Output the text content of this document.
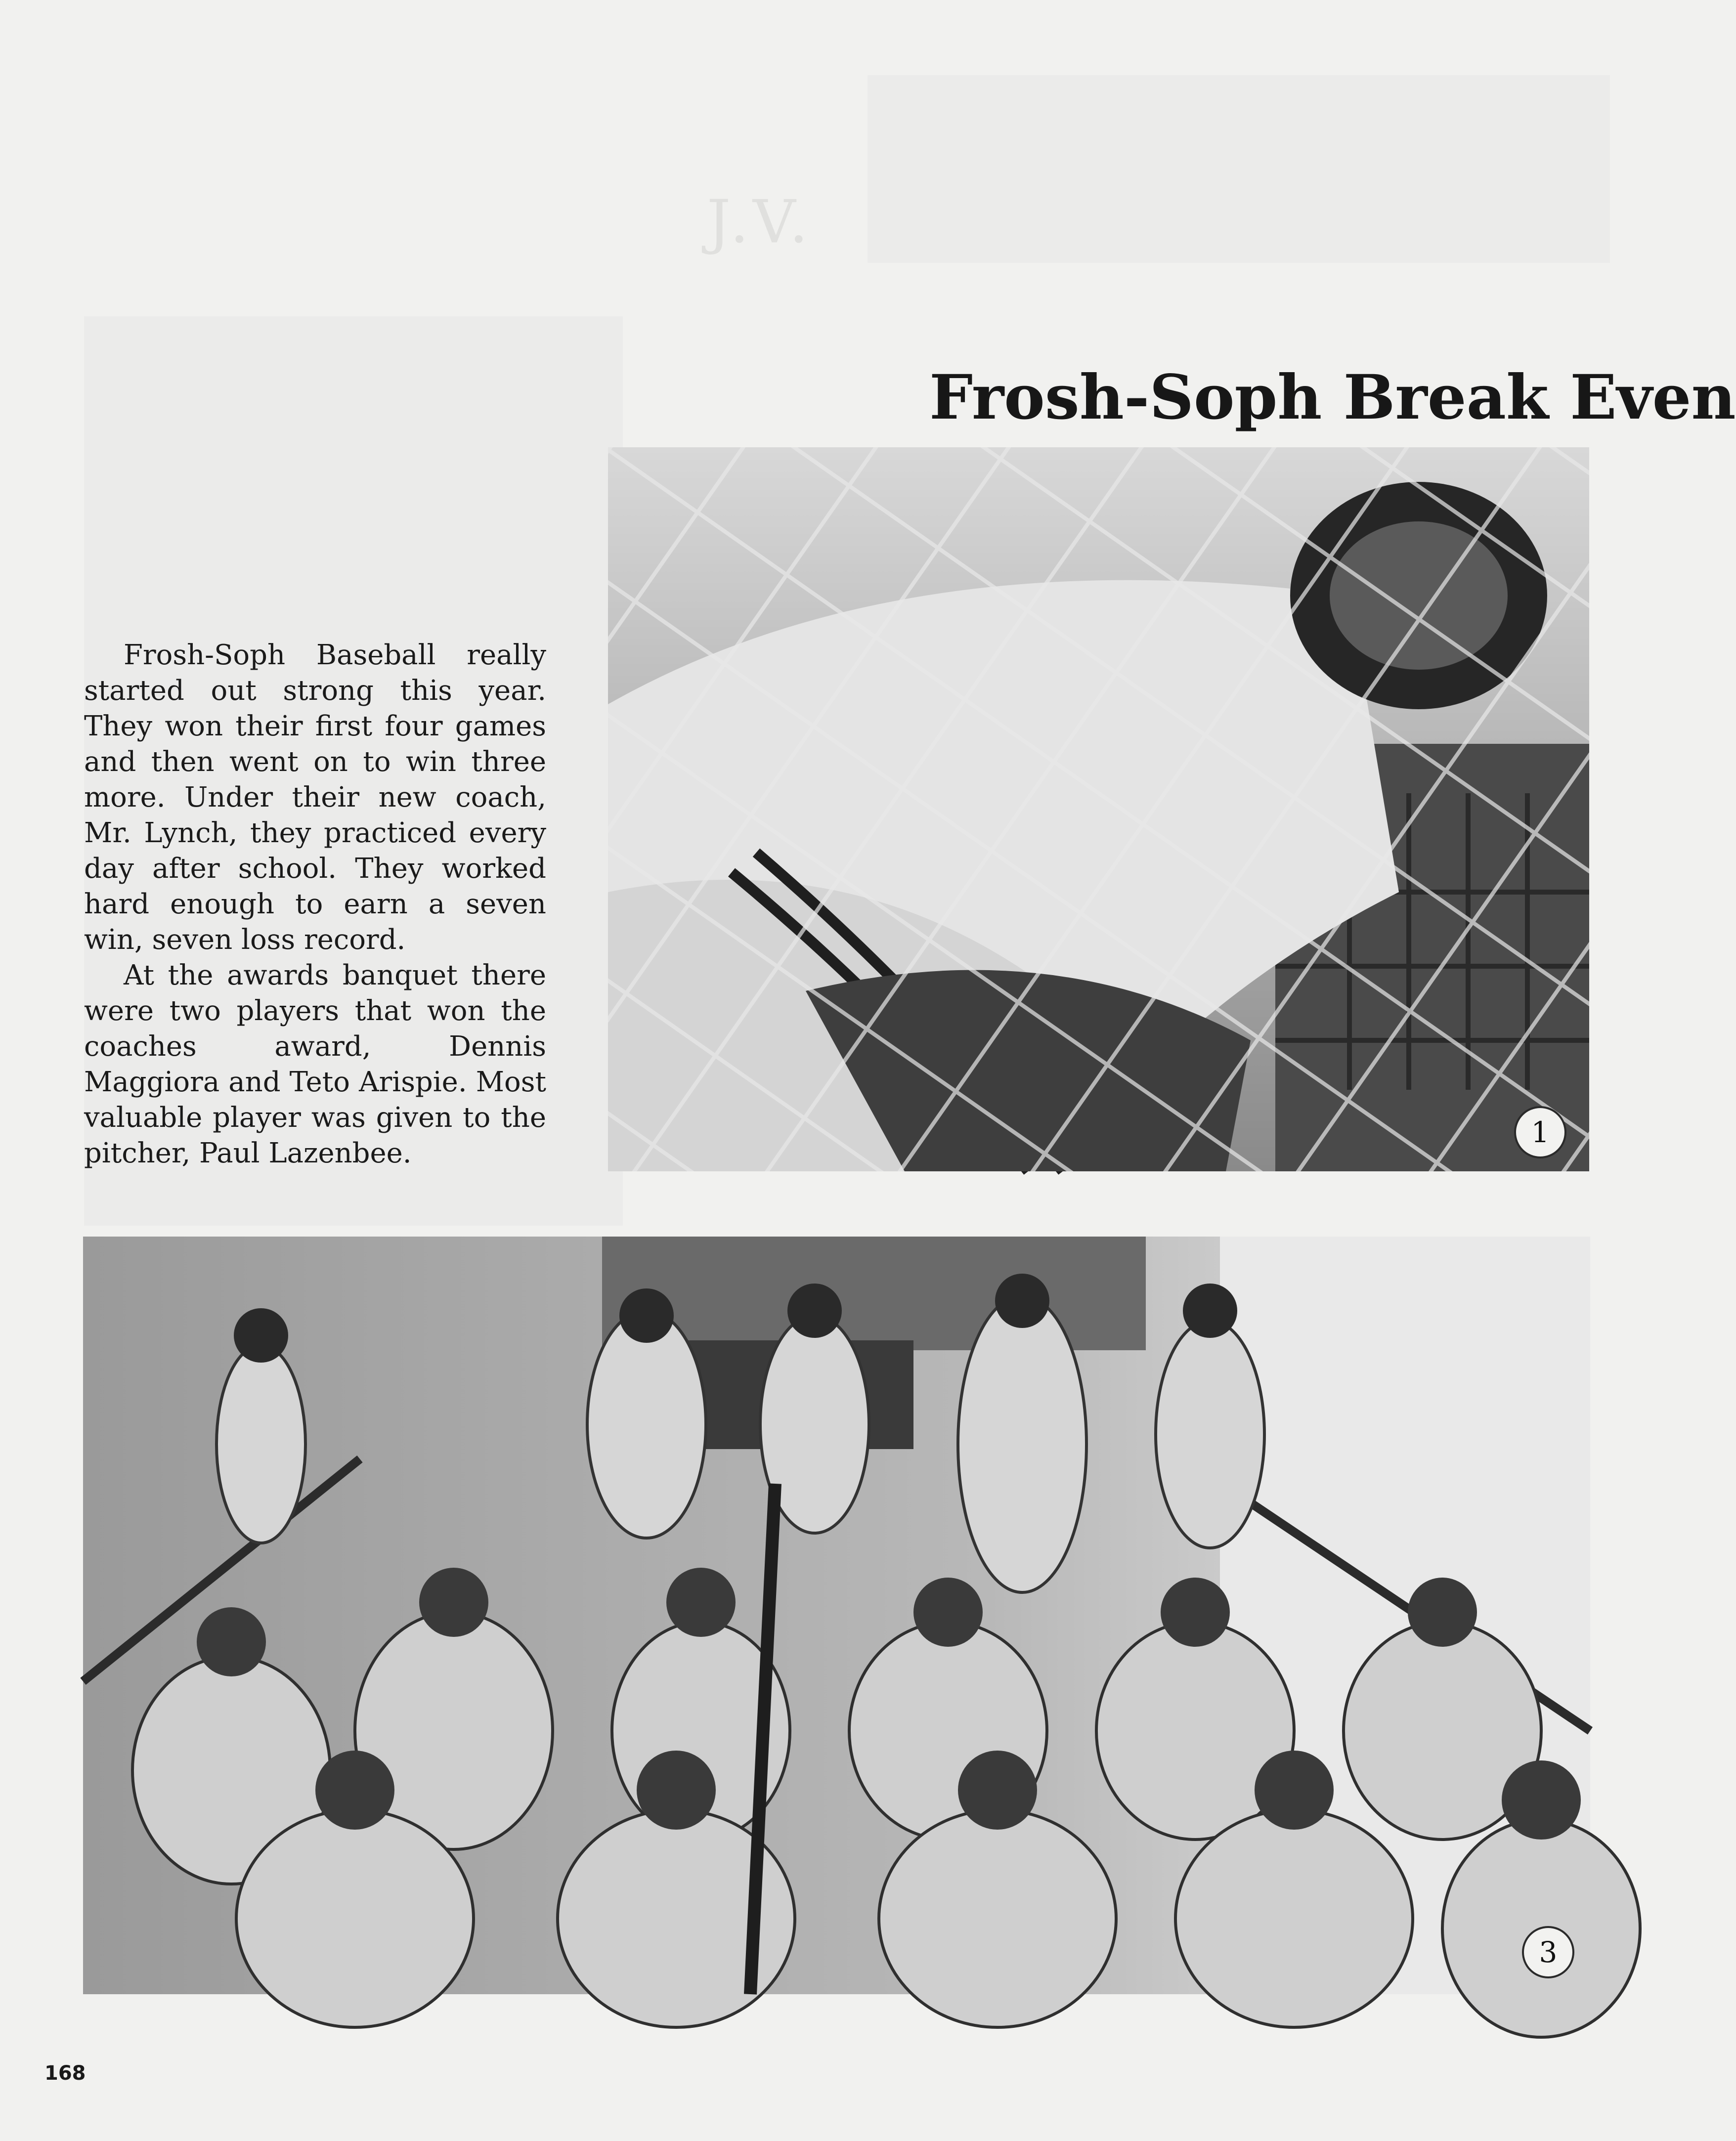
J.V.
Frosh-Soph Break Even

Frosh-Soph Baseball really started out strong this year. They won their first four games and then went on to win three more. Under their new coach, Mr. Lynch, they practiced every day after school. They worked hard enough to earn a seven win, seven loss record.

At the awards banquet there were two players that won the coaches award, Dennis Maggiora and Teto Arispie. Most valuable player was given to the pitcher, Paul Lazenbee.

1
3
168
